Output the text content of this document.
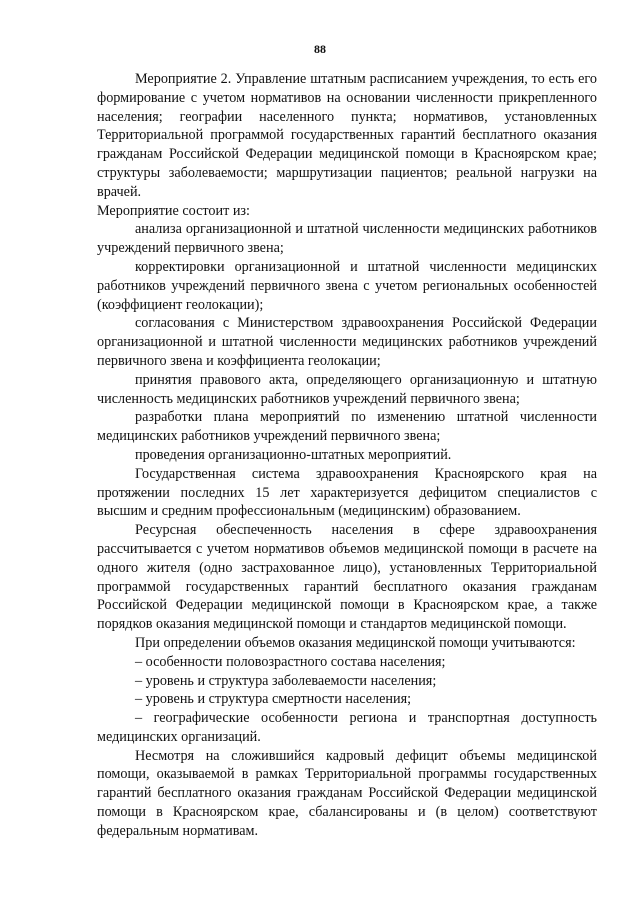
88

Мероприятие 2. Управление штатным расписанием учреждения, то есть его формирование с учетом нормативов на основании численности прикрепленного населения; географии населенного пункта; нормативов, установленных Территориальной программой государственных гарантий бесплатного оказания гражданам Российской Федерации медицинской помощи в Красноярском крае; структуры заболеваемости; маршрутизации пациентов; реальной нагрузки на врачей.

Мероприятие состоит из:

анализа организационной и штатной численности медицинских работников учреждений первичного звена;

корректировки организационной и штатной численности медицинских работников учреждений первичного звена с учетом региональных особенностей (коэффициент геолокации);

согласования с Министерством здравоохранения Российской Федерации организационной и штатной численности медицинских работников учреждений первичного звена и коэффициента геолокации;

принятия правового акта, определяющего организационную и штатную численность медицинских работников учреждений первичного звена;

разработки плана мероприятий по изменению штатной численности медицинских работников учреждений первичного звена;

проведения организационно-штатных мероприятий.

Государственная система здравоохранения Красноярского края на протяжении последних 15 лет характеризуется дефицитом специалистов с высшим и средним профессиональным (медицинским) образованием.

Ресурсная обеспеченность населения в сфере здравоохранения рассчитывается с учетом нормативов объемов медицинской помощи в расчете на одного жителя (одно застрахованное лицо), установленных Территориальной программой государственных гарантий бесплатного оказания гражданам Российской Федерации медицинской помощи в Красноярском крае, а также порядков оказания медицинской помощи и стандартов медицинской помощи.

При определении объемов оказания медицинской помощи учитываются:

– особенности половозрастного состава населения;

– уровень и структура заболеваемости населения;

– уровень и структура смертности населения;

– географические особенности региона и транспортная доступность медицинских организаций.

Несмотря на сложившийся кадровый дефицит объемы медицинской помощи, оказываемой в рамках Территориальной программы государственных гарантий бесплатного оказания гражданам Российской Федерации медицинской помощи в Красноярском крае, сбалансированы и (в целом) соответствуют федеральным нормативам.
